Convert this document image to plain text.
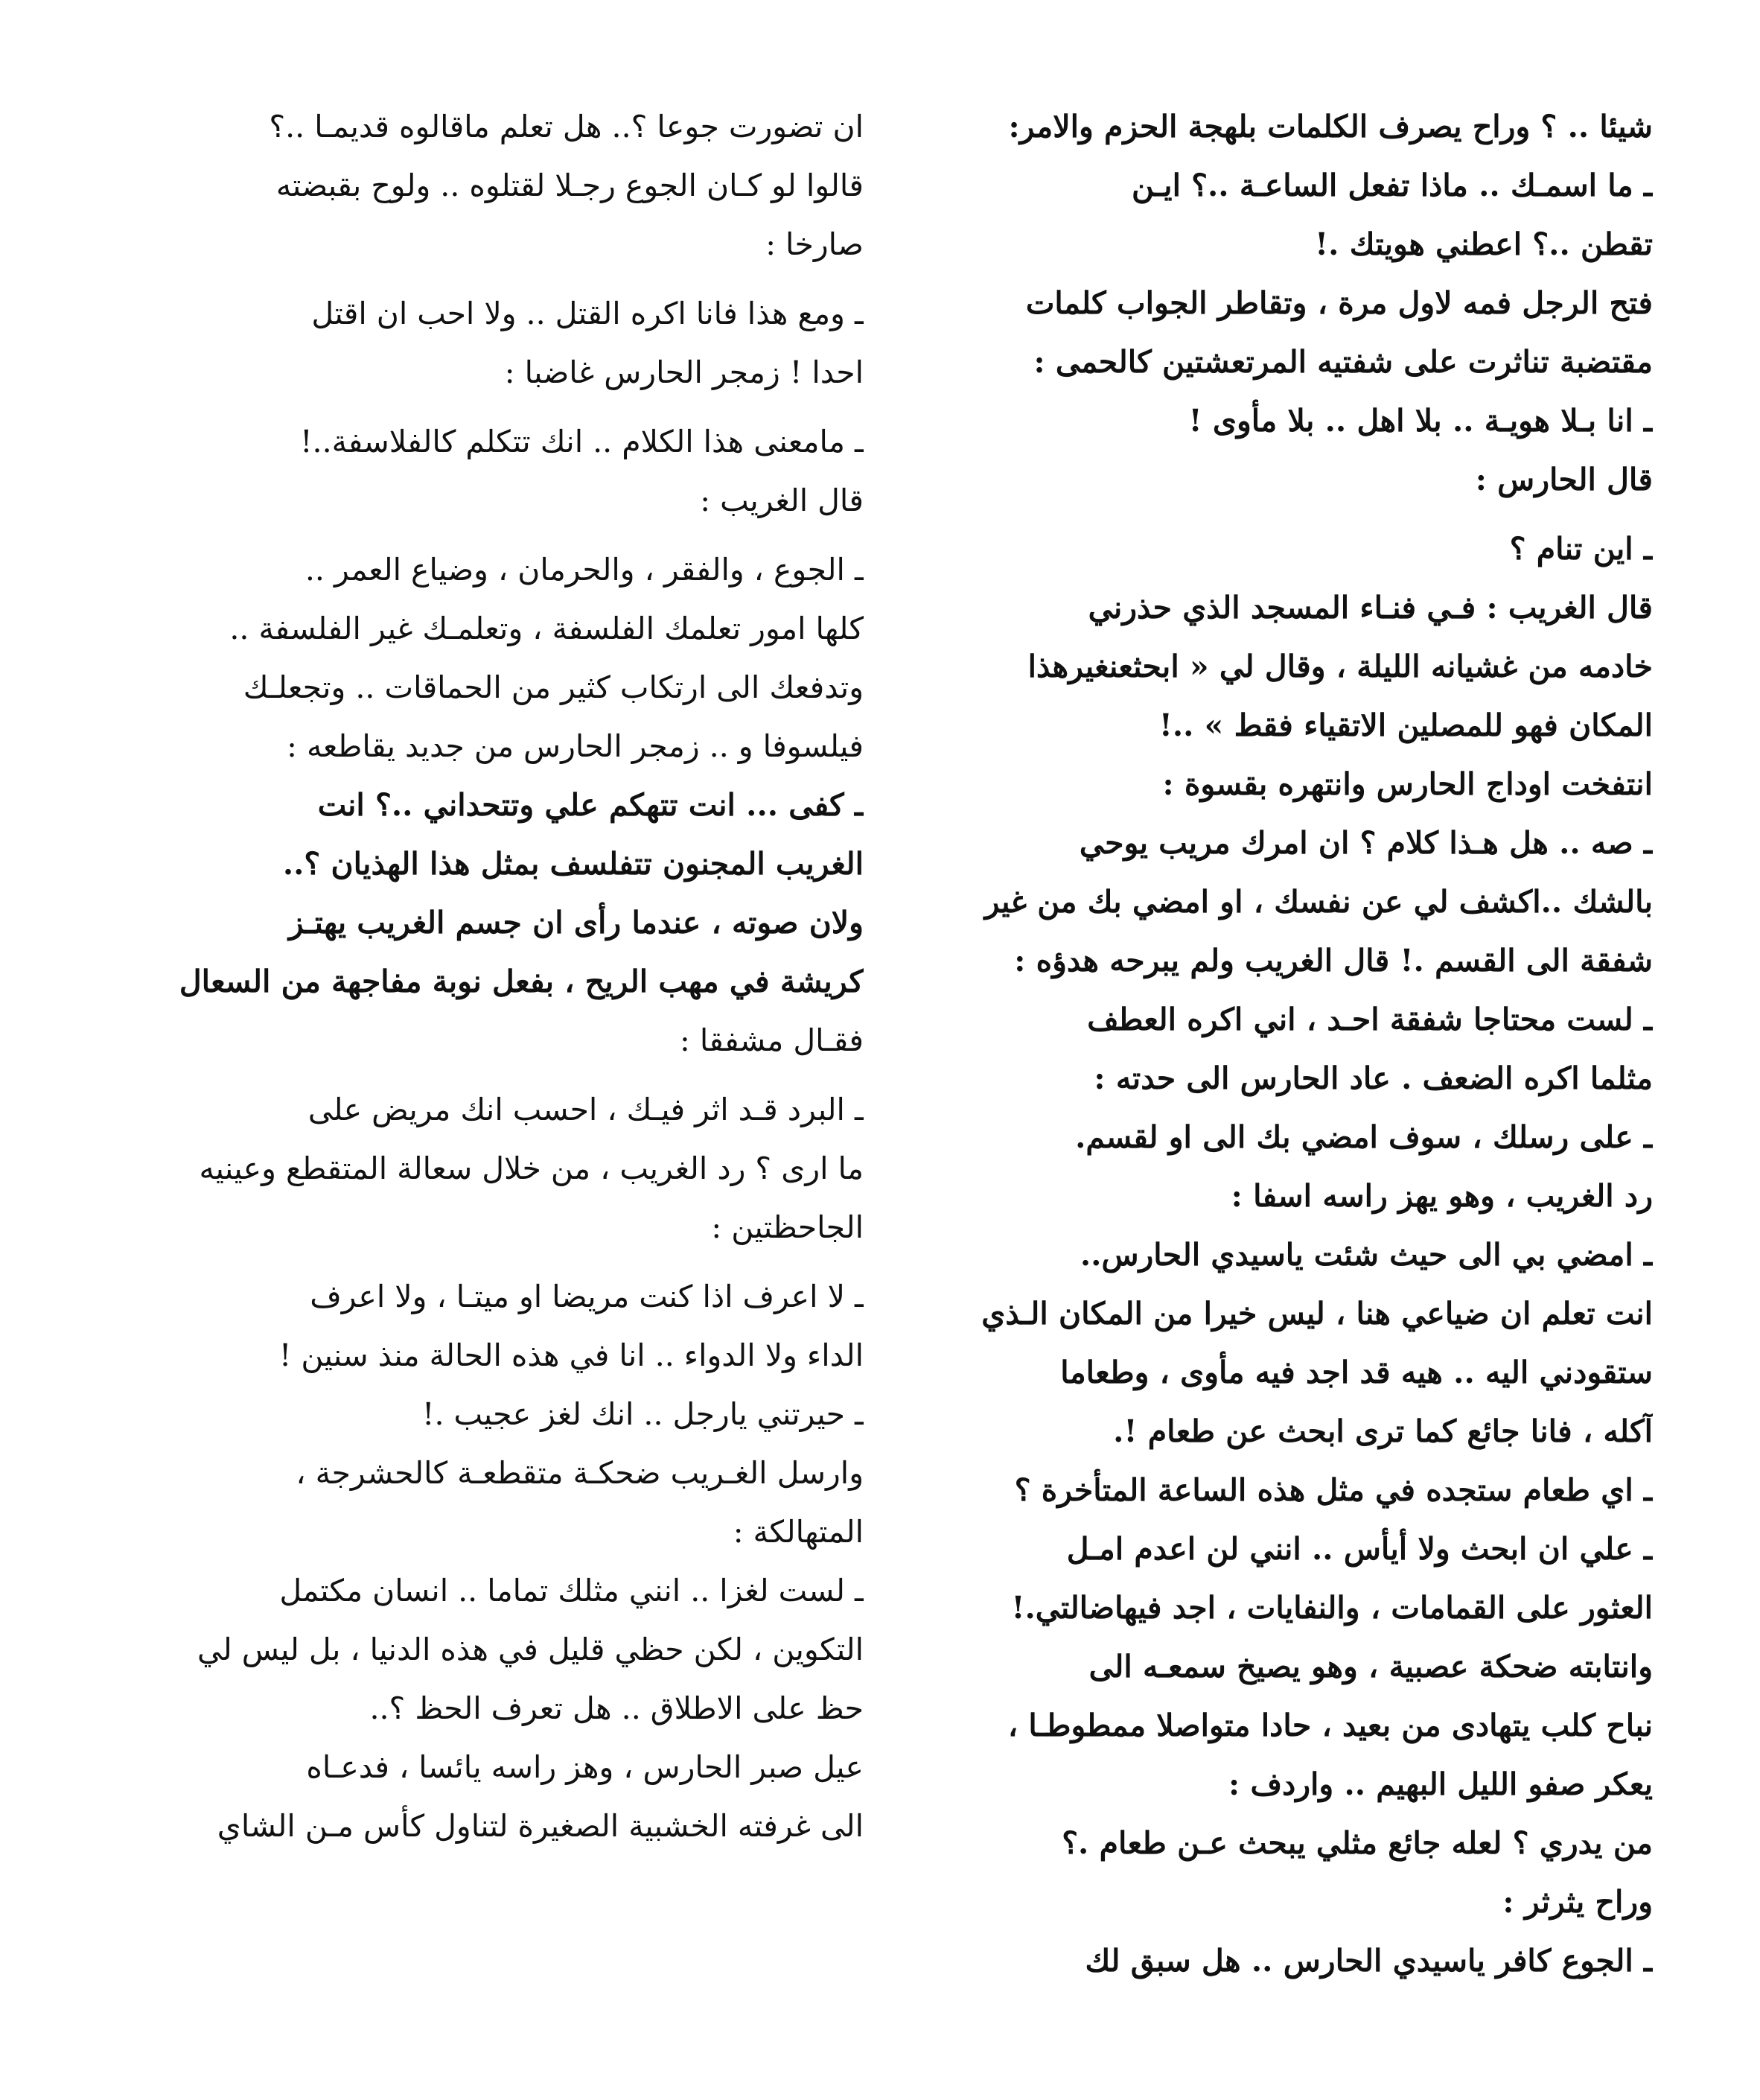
شيئا .. ؟ وراح يصرف الكلمات بلهجة الحزم والامر:

ـ ما اسمـك .. ماذا تفعل الساعـة ..؟ ايـن

تقطن ..؟ اعطني هويتك .!

فتح الرجل فمه لاول مرة ، وتقاطر الجواب كلمات

مقتضبة تناثرت على شفتيه المرتعشتين كالحمى :

ـ انا بـلا هويـة .. بلا اهل .. بلا مأوى !

قال الحارس :

ـ اين تنام ؟

قال الغريب : فـي فنـاء المسجد الذي حذرني

خادمه من غشيانه الليلة ، وقال لي « ابحثعنغيرهذا

المكان فهو للمصلين الاتقياء فقط » ..!

انتفخت اوداج الحارس وانتهره بقسوة :

ـ صه .. هل هـذا كلام ؟ ان امرك مريب يوحي

بالشك ..اكشف لي عن نفسك ، او امضي بك من غير

شفقة الى القسم .! قال الغريب ولم يبرحه هدؤه :

ـ لست محتاجا شفقة احـد ، اني اكره العطف

مثلما اكره الضعف . عاد الحارس الى حدته :

ـ على رسلك ، سوف امضي بك الى او لقسم.

رد الغريب ، وهو يهز راسه اسفا :

ـ امضي بي الى حيث شئت ياسيدي الحارس..

انت تعلم ان ضياعي هنا ، ليس خيرا من المكان الـذي

ستقودني اليه .. هيه قد اجد فيه مأوى ، وطعاما

آكله ، فانا جائع كما ترى ابحث عن طعام !.

ـ اي طعام ستجده في مثل هذه الساعة المتأخرة ؟

ـ علي ان ابحث ولا أيأس .. انني لن اعدم امـل

العثور على القمامات ، والنفايات ، اجد فيهاضالتي.!

وانتابته ضحكة عصبية ، وهو يصيخ سمعـه الى

نباح كلب يتهادى من بعيد ، حادا متواصلا ممطوطـا ،

يعكر صفو الليل البهيم .. واردف :

من يدري ؟ لعله جائع مثلي يبحث عـن طعام .؟

وراح يثرثر :

ـ الجوع كافر ياسيدي الحارس .. هل سبق لك

ان تضورت جوعا ؟.. هل تعلم ماقالوه قديمـا ..؟

قالوا لو كـان الجوع رجـلا لقتلوه .. ولوح بقبضته

صارخا :

ـ ومع هذا فانا اكره القتل .. ولا احب ان اقتل

احدا ! زمجر الحارس غاضبا :

ـ مامعنى هذا الكلام .. انك تتكلم كالفلاسفة..!

قال الغريب :

ـ الجوع ، والفقر ، والحرمان ، وضياع العمر ..

كلها امور تعلمك الفلسفة ، وتعلمـك غير الفلسفة ..

وتدفعك الى ارتكاب كثير من الحماقات .. وتجعلـك

فيلسوفا و .. زمجر الحارس من جديد يقاطعه :

ـ كفى ... انت تتهكم علي وتتحداني ..؟ انت

الغريب المجنون تتفلسف بمثل هذا الهذيان ؟..

ولان صوته ، عندما رأى ان جسم الغريب يهتـز

كريشة في مهب الريح ، بفعل نوبة مفاجهة من السعال

فقـال مشفقا :

ـ البرد قـد اثر فيـك ، احسب انك مريض على

ما ارى ؟ رد الغريب ، من خلال سعالة المتقطع وعينيه

الجاحظتين :

ـ لا اعرف اذا كنت مريضا او ميتـا ، ولا اعرف

الداء ولا الدواء .. انا في هذه الحالة منذ سنين !

ـ حيرتني يارجل .. انك لغز عجيب .!

وارسل الغـريب ضحكـة متقطعـة كالحشرجة ،

المتهالكة :

ـ لست لغزا .. انني مثلك تماما .. انسان مكتمل

التكوين ، لكن حظي قليل في هذه الدنيا ، بل ليس لي

حظ على الاطلاق .. هل تعرف الحظ ؟..

عيل صبر الحارس ، وهز راسه يائسا ، فدعـاه

الى غرفته الخشبية الصغيرة لتناول كأس مـن الشاي
